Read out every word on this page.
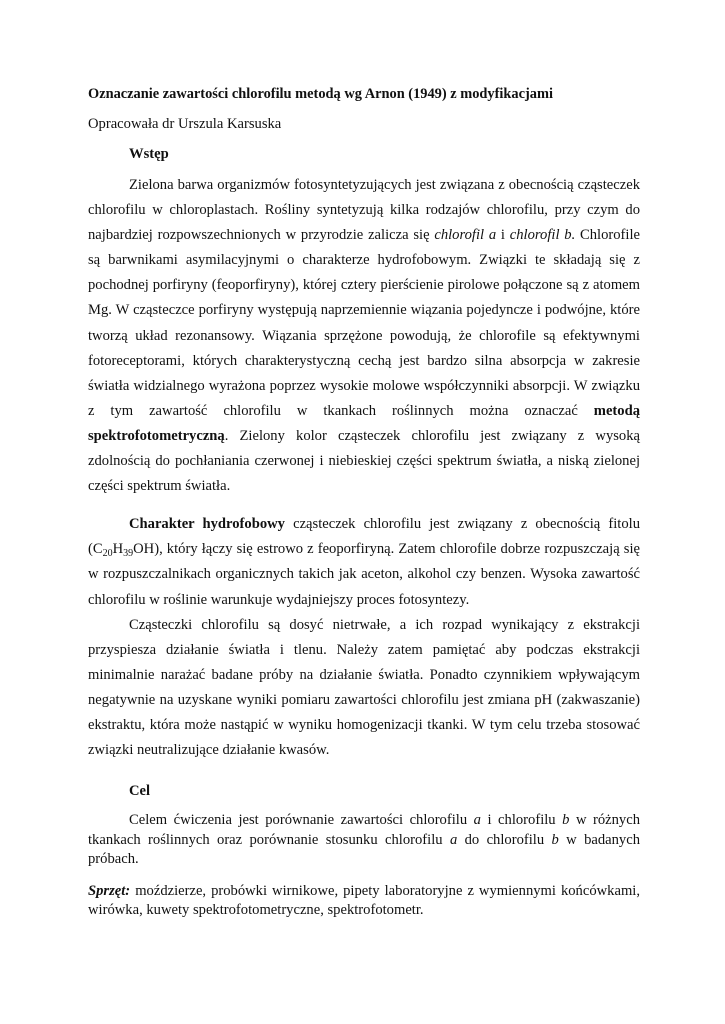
Oznaczanie zawartości chlorofilu metodą wg Arnon (1949) z modyfikacjami

Opracowała dr Urszula Karsuska

Wstęp

Zielona barwa organizmów fotosyntetyzujących jest związana z obecnością cząsteczek chlorofilu w chloroplastach. Rośliny syntetyzują kilka rodzajów chlorofilu, przy czym do najbardziej rozpowszechnionych w przyrodzie zalicza się chlorofil a i chlorofil b. Chlorofile są barwnikami asymilacyjnymi o charakterze hydrofobowym. Związki te składają się z pochodnej porfiryny (feoporfiryny), której cztery pierścienie pirolowe połączone są z atomem Mg. W cząsteczce porfiryny występują naprzemiennie wiązania pojedyncze i podwójne, które tworzą układ rezonansowy. Wiązania sprzężone powodują, że chlorofile są efektywnymi fotoreceptorami, których charakterystyczną cechą jest bardzo silna absorpcja w zakresie światła widzialnego wyrażona poprzez wysokie molowe współczynniki absorpcji. W związku z tym zawartość chlorofilu w tkankach roślinnych można oznaczać metodą spektrofotometryczną. Zielony kolor cząsteczek chlorofilu jest związany z wysoką zdolnością do pochłaniania czerwonej i niebieskiej części spektrum światła, a niską zielonej części spektrum światła.

Charakter hydrofobowy cząsteczek chlorofilu jest związany z obecnością fitolu $(C_{20}H_{39}OH)$, który łączy się estrowo z feoporfiryną. Zatem chlorofile dobrze rozpuszczają się w rozpuszczalnikach organicznych takich jak aceton, alkohol czy benzen. Wysoka zawartość chlorofilu w roślinie warunkuje wydajniejszy proces fotosyntezy.

Cząsteczki chlorofilu są dosyć nietrwałe, a ich rozpad wynikający z ekstrakcji przyspiesza działanie światła i tlenu. Należy zatem pamiętać aby podczas ekstrakcji minimalnie narażać badane próby na działanie światła. Ponadto czynnikiem wpływającym negatywnie na uzyskane wyniki pomiaru zawartości chlorofilu jest zmiana pH (zakwaszanie) ekstraktu, która może nastąpić w wyniku homogenizacji tkanki. W tym celu trzeba stosować związki neutralizujące działanie kwasów.

Cel

Celem ćwiczenia jest porównanie zawartości chlorofilu a i chlorofilu b w różnych tkankach roślinnych oraz porównanie stosunku chlorofilu a do chlorofilu b w badanych próbach.

Sprzęt: moździerze, probówki wirnikowe, pipety laboratoryjne z wymiennymi końcówkami, wirówka, kuwety spektrofotometryczne, spektrofotometr.
